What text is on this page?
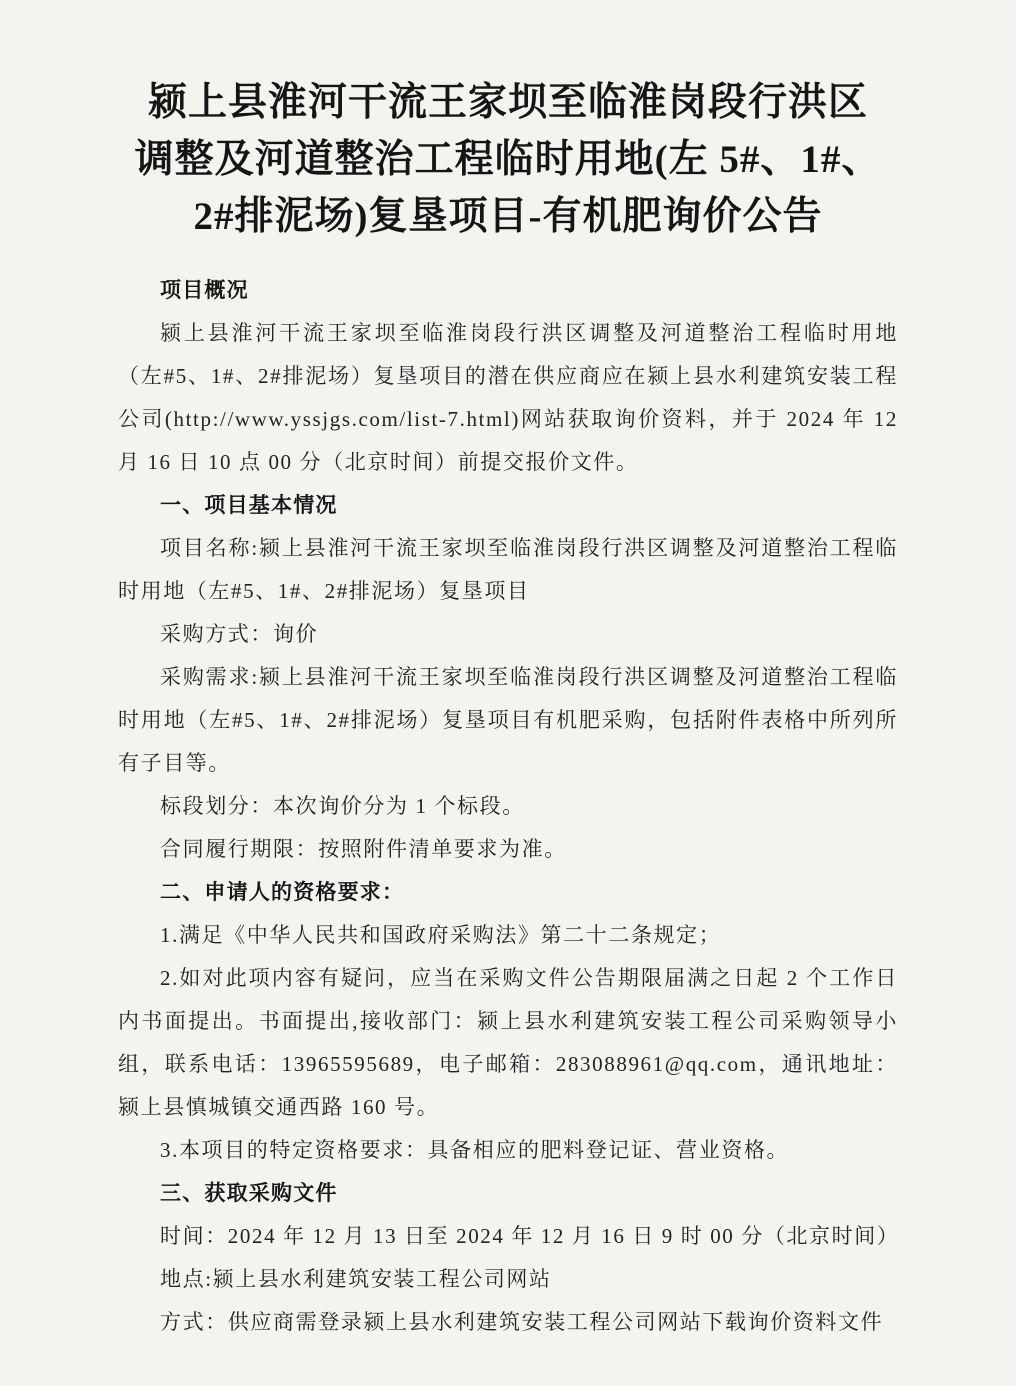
颍上县淮河干流王家坝至临淮岗段行洪区
调整及河道整治工程临时用地(左 5#、1#、
2#排泥场)复垦项目-有机肥询价公告

项目概况

颍上县淮河干流王家坝至临淮岗段行洪区调整及河道整治工程临时用地（左#5、1#、2#排泥场）复垦项目的潜在供应商应在颍上县水利建筑安装工程公司(http://www.yssjgs.com/list-7.html)网站获取询价资料，并于 2024 年 12 月 16 日 10 点 00 分（北京时间）前提交报价文件。

一、项目基本情况

项目名称:颍上县淮河干流王家坝至临淮岗段行洪区调整及河道整治工程临时用地（左#5、1#、2#排泥场）复垦项目

采购方式：询价

采购需求:颍上县淮河干流王家坝至临淮岗段行洪区调整及河道整治工程临时用地（左#5、1#、2#排泥场）复垦项目有机肥采购，包括附件表格中所列所有子目等。

标段划分：本次询价分为 1 个标段。

合同履行期限：按照附件清单要求为准。

二、申请人的资格要求：

1.满足《中华人民共和国政府采购法》第二十二条规定；

2.如对此项内容有疑问，应当在采购文件公告期限届满之日起 2 个工作日内书面提出。书面提出,接收部门：颍上县水利建筑安装工程公司采购领导小组，联系电话：13965595689，电子邮箱：283088961@qq.com，通讯地址：颍上县慎城镇交通西路 160 号。

3.本项目的特定资格要求：具备相应的肥料登记证、营业资格。

三、获取采购文件

时间：2024 年 12 月 13 日至 2024 年 12 月 16 日 9 时 00 分（北京时间）

地点:颍上县水利建筑安装工程公司网站

方式：供应商需登录颍上县水利建筑安装工程公司网站下载询价资料文件
